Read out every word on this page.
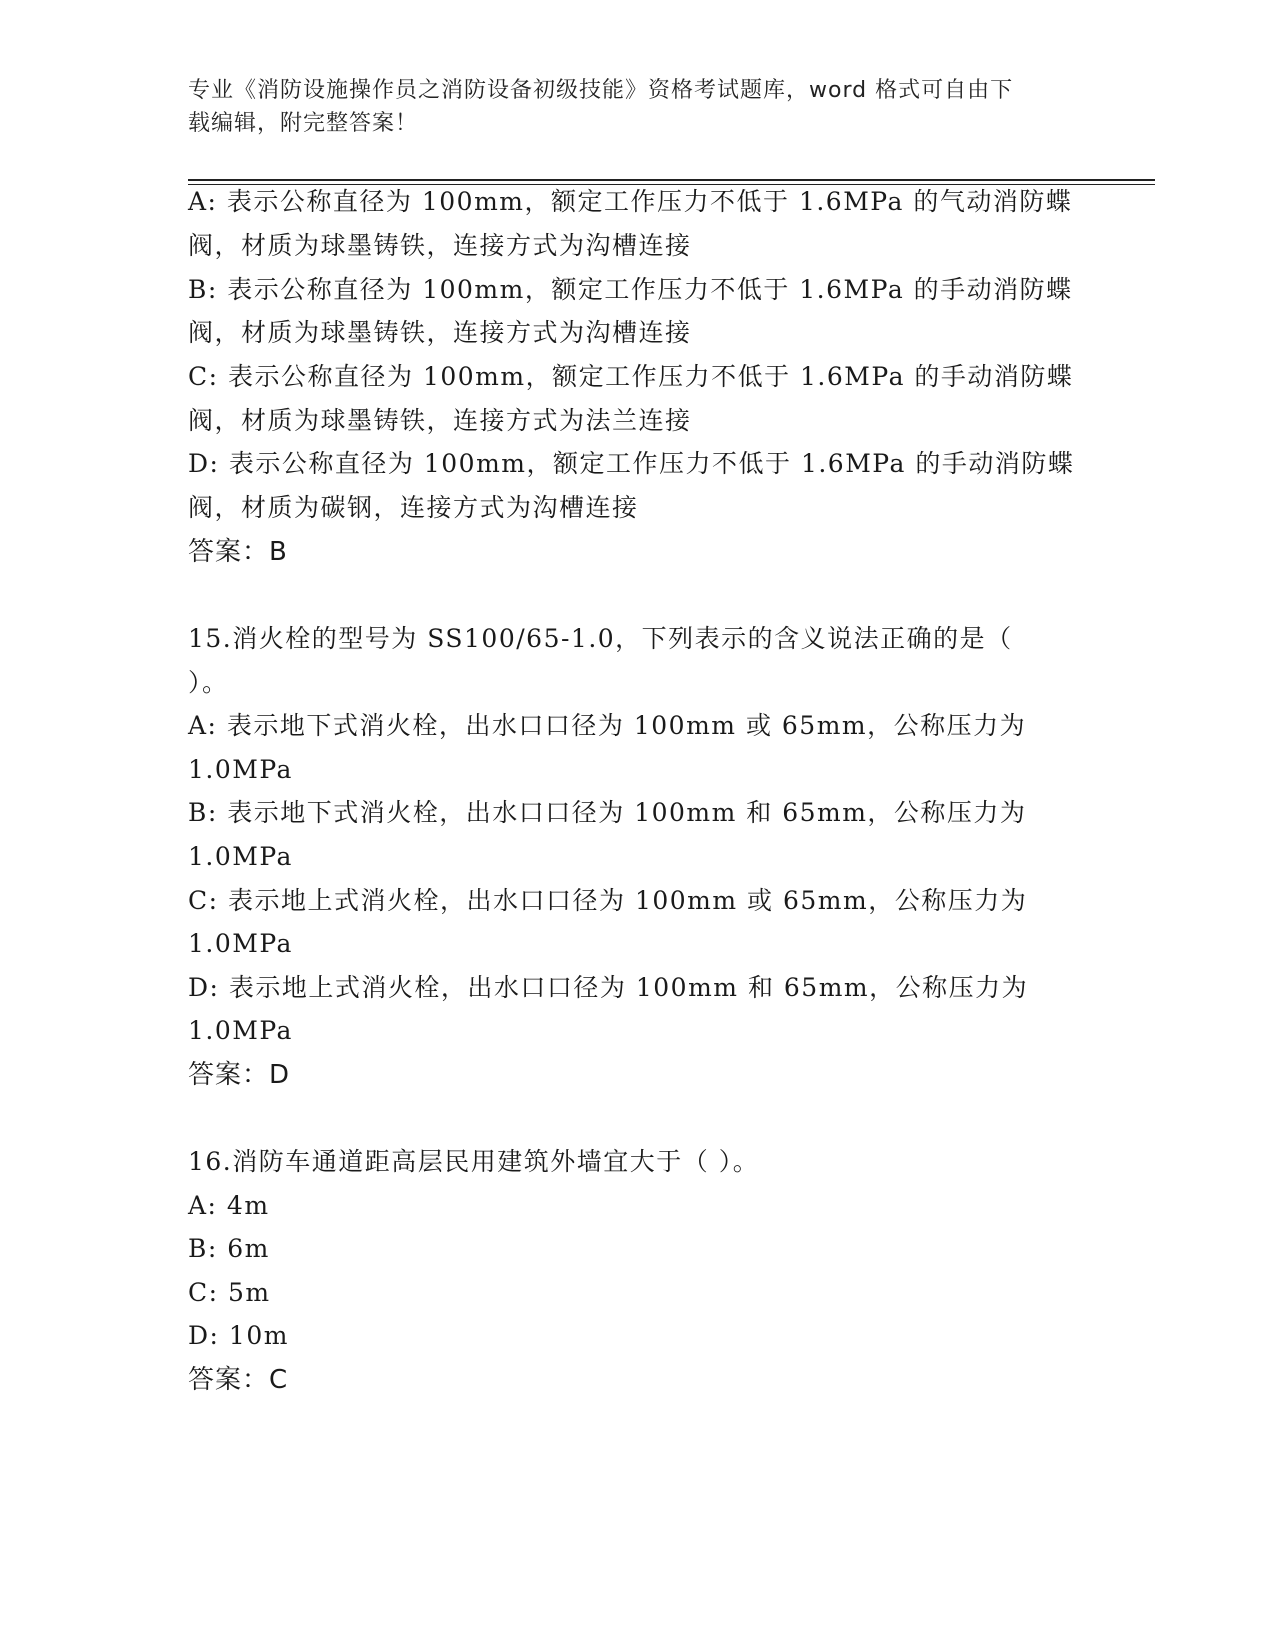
专业《消防设施操作员之消防设备初级技能》资格考试题库，word 格式可自由下
载编辑，附完整答案！
A: 表示公称直径为 100mm，额定工作压力不低于 1.6MPa 的气动消防蝶
阀，材质为球墨铸铁，连接方式为沟槽连接
B: 表示公称直径为 100mm，额定工作压力不低于 1.6MPa 的手动消防蝶
阀，材质为球墨铸铁，连接方式为沟槽连接
C: 表示公称直径为 100mm，额定工作压力不低于 1.6MPa 的手动消防蝶
阀，材质为球墨铸铁，连接方式为法兰连接
D: 表示公称直径为 100mm，额定工作压力不低于 1.6MPa 的手动消防蝶
阀，材质为碳钢，连接方式为沟槽连接
答案：B
15.消火栓的型号为 SS100/65-1.0，下列表示的含义说法正确的是（
）。
A: 表示地下式消火栓，出水口口径为 100mm 或 65mm，公称压力为
1.0MPa
B: 表示地下式消火栓，出水口口径为 100mm 和 65mm，公称压力为
1.0MPa
C: 表示地上式消火栓，出水口口径为 100mm 或 65mm，公称压力为
1.0MPa
D: 表示地上式消火栓，出水口口径为 100mm 和 65mm，公称压力为
1.0MPa
答案：D
16.消防车通道距高层民用建筑外墙宜大于（ ）。
A: 4m
B: 6m
C: 5m
D: 10m
答案：C
